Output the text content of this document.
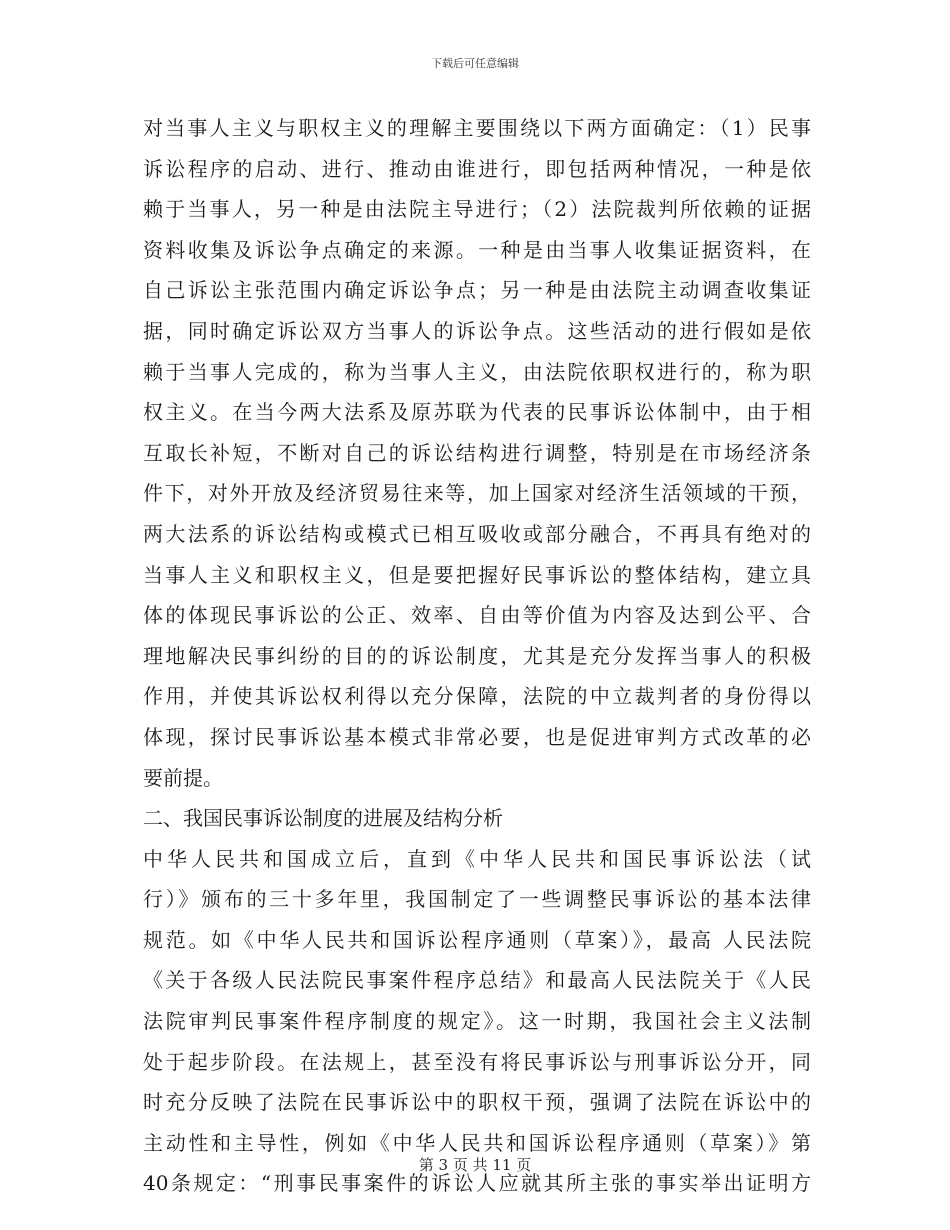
下载后可任意编辑
对当事人主义与职权主义的理解主要围绕以下两方面确定：（1）民事
诉讼程序的启动、进行、推动由谁进行，即包括两种情况，一种是依
赖于当事人，另一种是由法院主导进行；（2）法院裁判所依赖的证据
资料收集及诉讼争点确定的来源。一种是由当事人收集证据资料，在
自己诉讼主张范围内确定诉讼争点；另一种是由法院主动调查收集证
据，同时确定诉讼双方当事人的诉讼争点。这些活动的进行假如是依
赖于当事人完成的，称为当事人主义，由法院依职权进行的，称为职
权主义。在当今两大法系及原苏联为代表的民事诉讼体制中，由于相
互取长补短，不断对自己的诉讼结构进行调整，特别是在市场经济条
件下，对外开放及经济贸易往来等，加上国家对经济生活领域的干预，
两大法系的诉讼结构或模式已相互吸收或部分融合，不再具有绝对的
当事人主义和职权主义，但是要把握好民事诉讼的整体结构，建立具
体的体现民事诉讼的公正、效率、自由等价值为内容及达到公平、合
理地解决民事纠纷的目的的诉讼制度，尤其是充分发挥当事人的积极
作用，并使其诉讼权利得以充分保障，法院的中立裁判者的身份得以
体现，探讨民事诉讼基本模式非常必要，也是促进审判方式改革的必
要前提。
二、我国民事诉讼制度的进展及结构分析
中华人民共和国成立后，直到《中华人民共和国民事诉讼法（试
行）》颁布的三十多年里，我国制定了一些调整民事诉讼的基本法律
规范。如《中华人民共和国诉讼程序通则（草案）》，最高 人民法院
《关于各级人民法院民事案件程序总结》和最高人民法院关于《人民
法院审判民事案件程序制度的规定》。这一时期，我国社会主义法制
处于起步阶段。在法规上，甚至没有将民事诉讼与刑事诉讼分开，同
时充分反映了法院在民事诉讼中的职权干预，强调了法院在诉讼中的
主动性和主导性，例如《中华人民共和国诉讼程序通则（草案）》第
40条规定：“刑事民事案件的诉讼人应就其所主张的事实举出证明方
第 3 页 共 11 页
